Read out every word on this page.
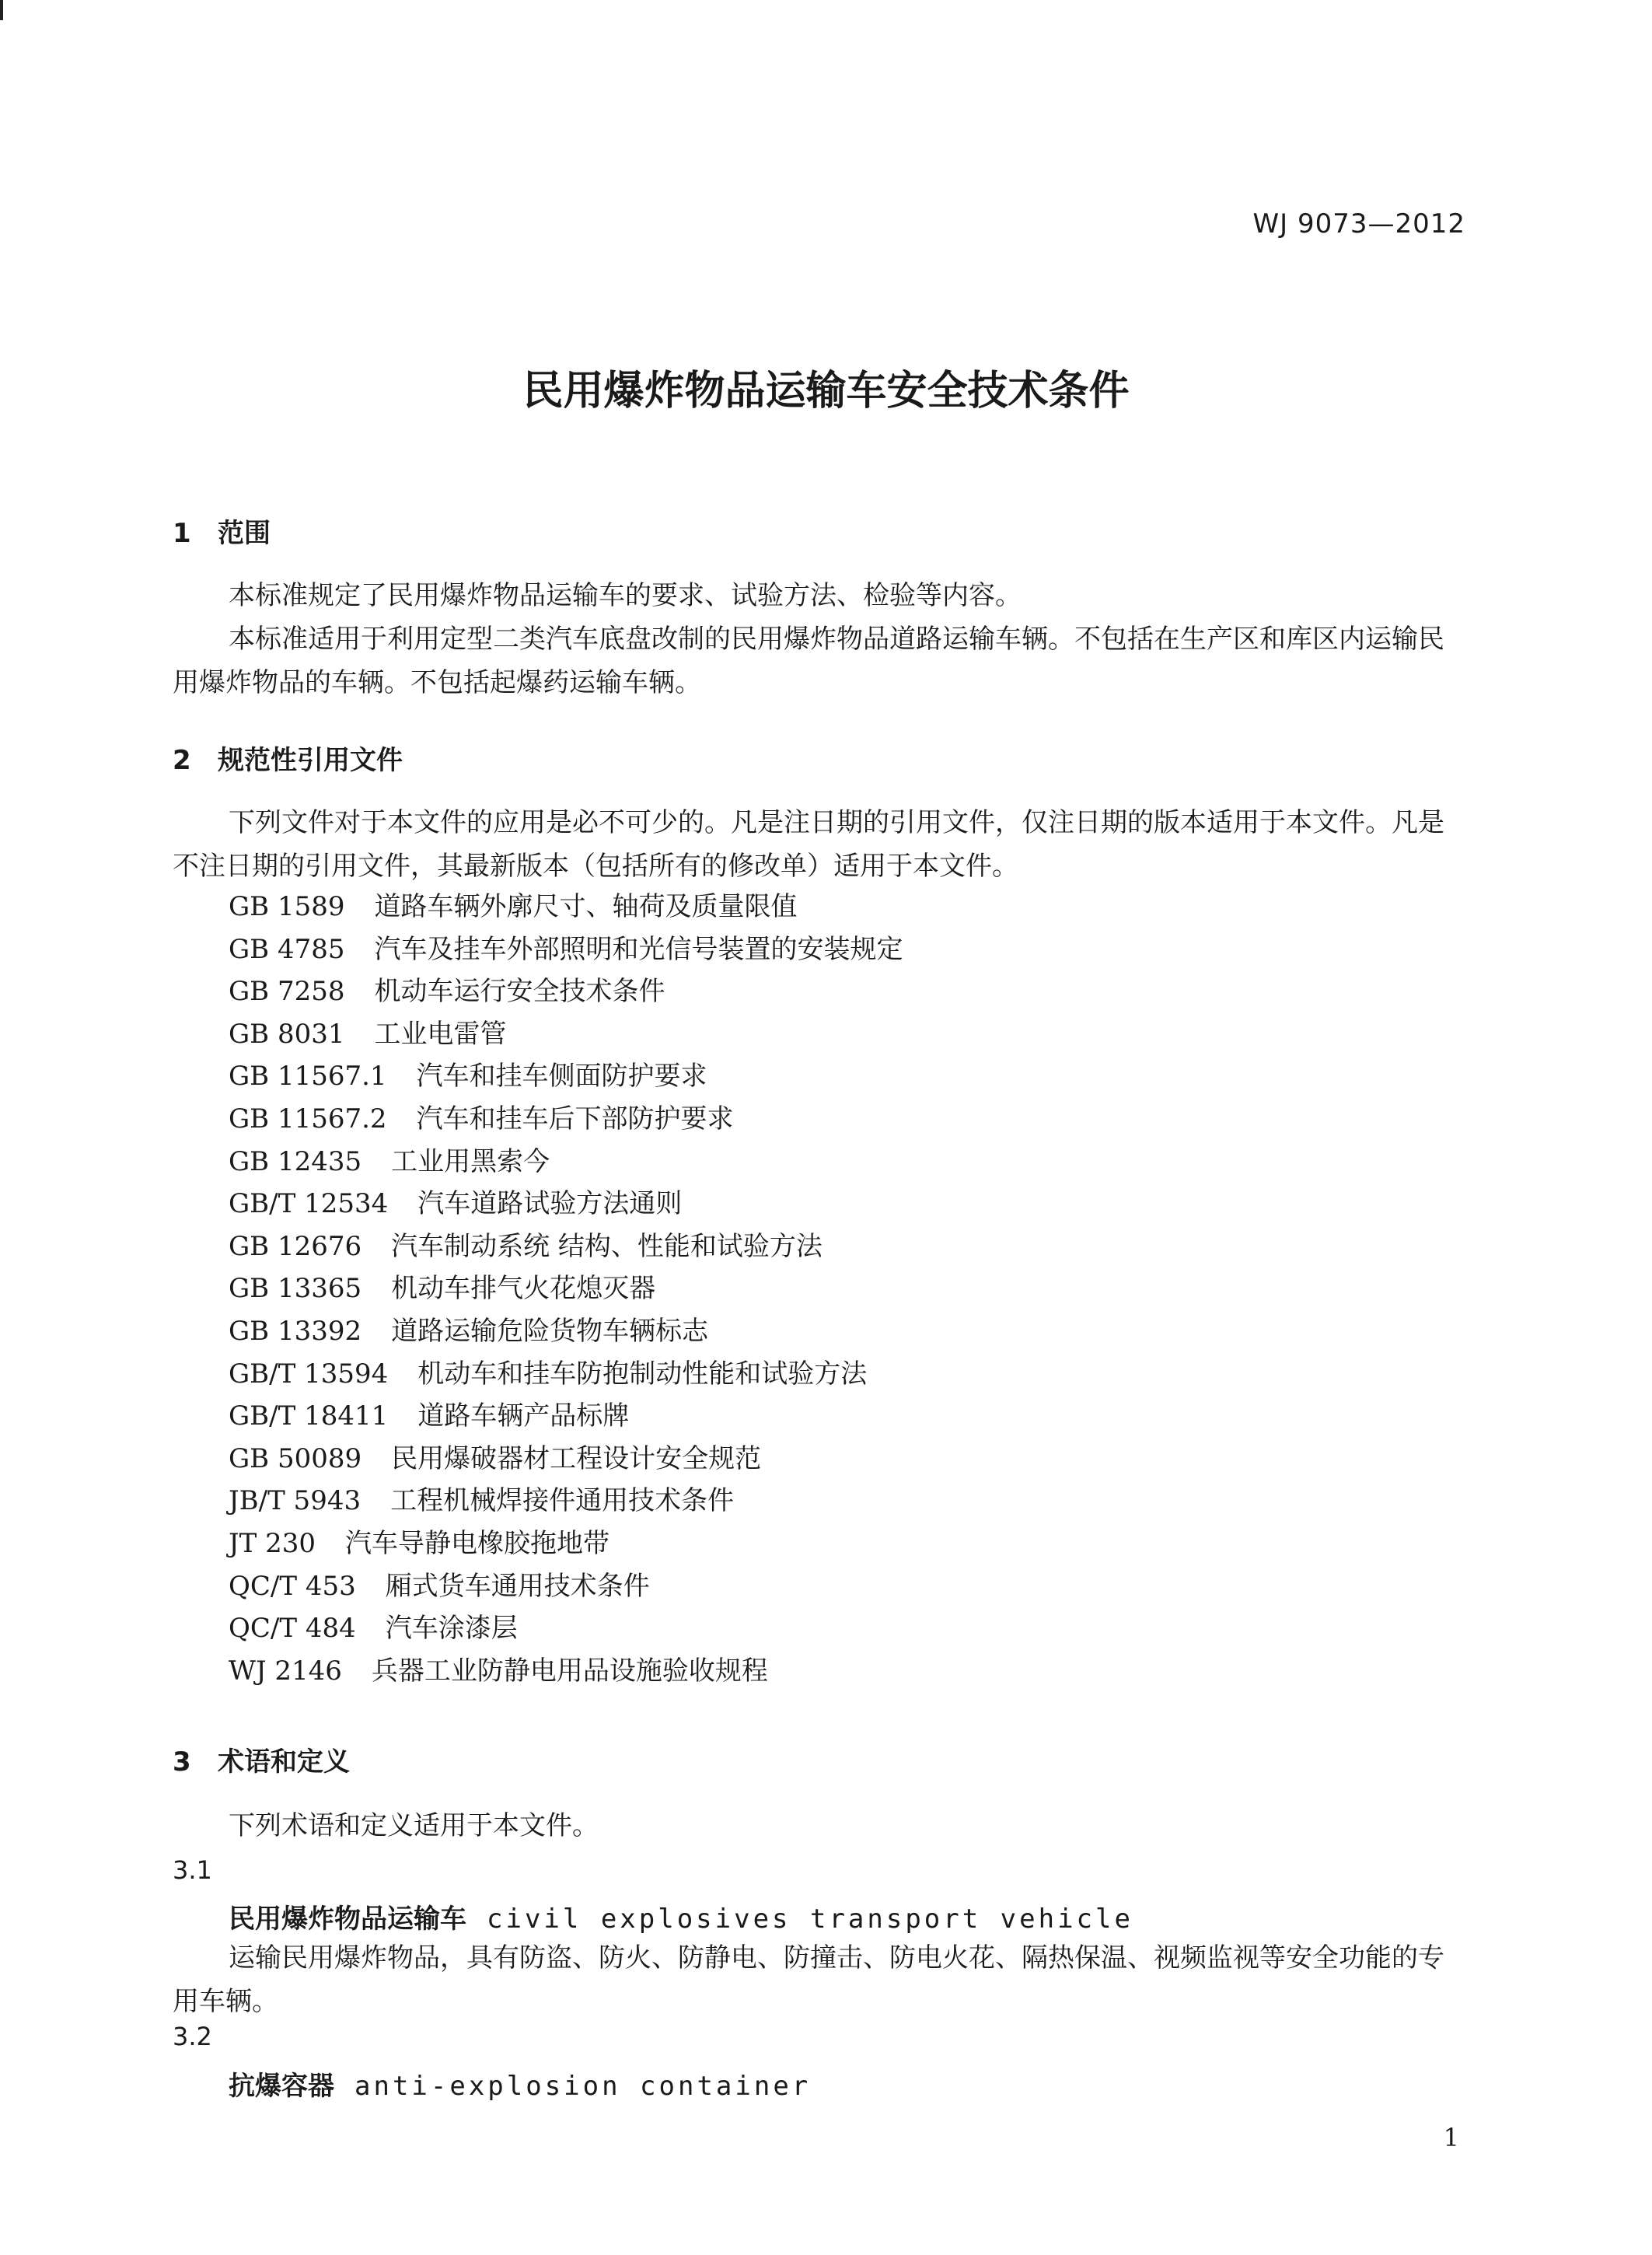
WJ 9073—2012
民用爆炸物品运输车安全技术条件
1 范围
本标准规定了民用爆炸物品运输车的要求、试验方法、检验等内容。
本标准适用于利用定型二类汽车底盘改制的民用爆炸物品道路运输车辆。不包括在生产区和库区内运输民用爆炸物品的车辆。不包括起爆药运输车辆。
2 规范性引用文件
下列文件对于本文件的应用是必不可少的。凡是注日期的引用文件，仅注日期的版本适用于本文件。凡是不注日期的引用文件，其最新版本（包括所有的修改单）适用于本文件。
GB 1589 道路车辆外廓尺寸、轴荷及质量限值
GB 4785 汽车及挂车外部照明和光信号装置的安装规定
GB 7258 机动车运行安全技术条件
GB 8031 工业电雷管
GB 11567.1 汽车和挂车侧面防护要求
GB 11567.2 汽车和挂车后下部防护要求
GB 12435 工业用黑索今
GB/T 12534 汽车道路试验方法通则
GB 12676 汽车制动系统 结构、性能和试验方法
GB 13365 机动车排气火花熄灭器
GB 13392 道路运输危险货物车辆标志
GB/T 13594 机动车和挂车防抱制动性能和试验方法
GB/T 18411 道路车辆产品标牌
GB 50089 民用爆破器材工程设计安全规范
JB/T 5943 工程机械焊接件通用技术条件
JT 230 汽车导静电橡胶拖地带
QC/T 453 厢式货车通用技术条件
QC/T 484 汽车涂漆层
WJ 2146 兵器工业防静电用品设施验收规程
3 术语和定义
下列术语和定义适用于本文件。
3.1
民用爆炸物品运输车 civil explosives transport vehicle
运输民用爆炸物品，具有防盗、防火、防静电、防撞击、防电火花、隔热保温、视频监视等安全功能的专用车辆。
3.2
抗爆容器 anti-explosion container
1
